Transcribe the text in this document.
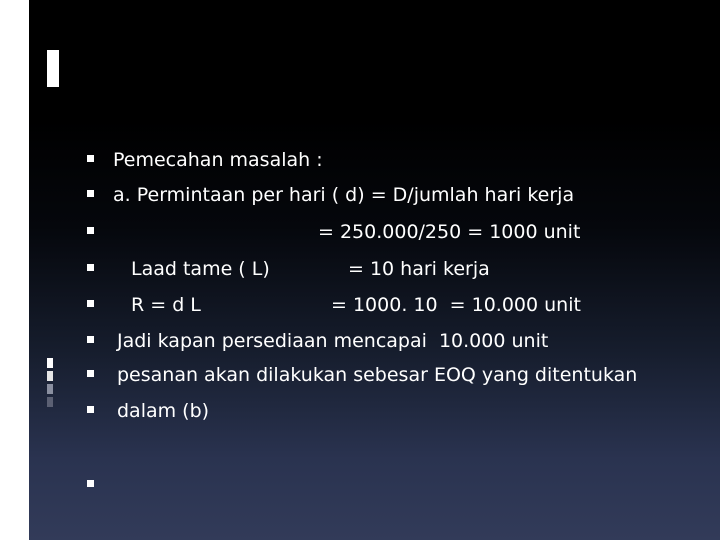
Pemecahan masalah :
a. Permintaan per hari ( d) = D/jumlah hari kerja
= 250.000/250 = 1000 unit
Laad tame ( L)	= 10 hari kerja
R = d L	= 1000. 10  = 10.000 unit
Jadi kapan persediaan mencapai  10.000 unit
pesanan akan dilakukan sebesar EOQ yang ditentukan
dalam (b)
